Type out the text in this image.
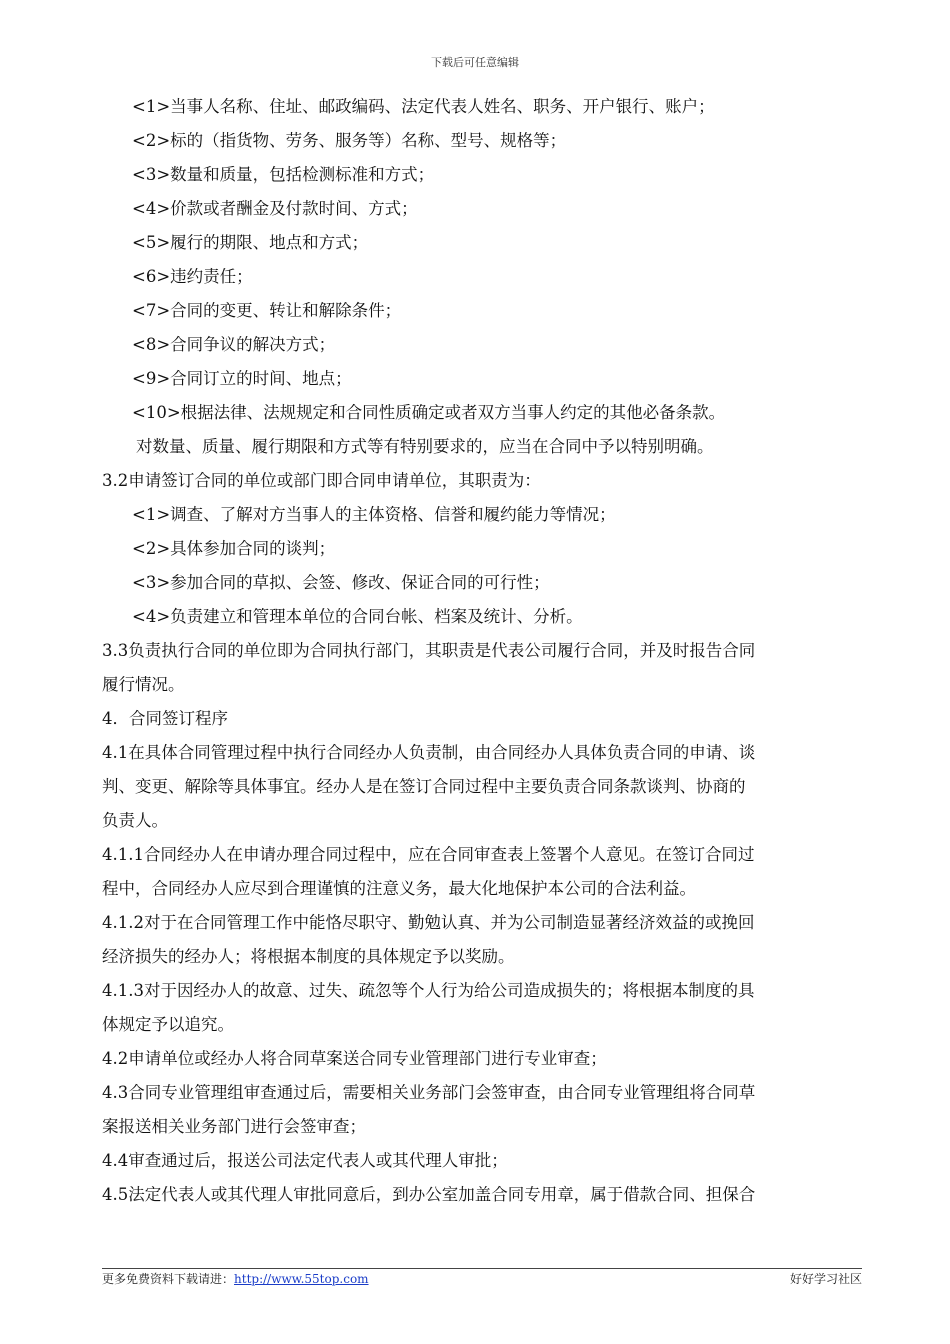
下载后可任意编辑

<1>当事人名称、住址、邮政编码、法定代表人姓名、职务、开户银行、账户；

<2>标的（指货物、劳务、服务等）名称、型号、规格等；

<3>数量和质量，包括检测标准和方式；

<4>价款或者酬金及付款时间、方式；

<5>履行的期限、地点和方式；

<6>违约责任；

<7>合同的变更、转让和解除条件；

<8>合同争议的解决方式；

<9>合同订立的时间、地点；

<10>根据法律、法规规定和合同性质确定或者双方当事人约定的其他必备条款。

对数量、质量、履行期限和方式等有特别要求的，应当在合同中予以特别明确。

3.2申请签订合同的单位或部门即合同申请单位，其职责为：

<1>调查、了解对方当事人的主体资格、信誉和履约能力等情况；

<2>具体参加合同的谈判；

<3>参加合同的草拟、会签、修改、保证合同的可行性；

<4>负责建立和管理本单位的合同台帐、档案及统计、分析。

3.3负责执行合同的单位即为合同执行部门，其职责是代表公司履行合同，并及时报告合同

履行情况。

4．合同签订程序

4.1在具体合同管理过程中执行合同经办人负责制，由合同经办人具体负责合同的申请、谈

判、变更、解除等具体事宜。经办人是在签订合同过程中主要负责合同条款谈判、协商的

负责人。

4.1.1合同经办人在申请办理合同过程中，应在合同审查表上签署个人意见。在签订合同过

程中，合同经办人应尽到合理谨慎的注意义务，最大化地保护本公司的合法利益。

4.1.2对于在合同管理工作中能恪尽职守、勤勉认真、并为公司制造显著经济效益的或挽回

经济损失的经办人；将根据本制度的具体规定予以奖励。

4.1.3对于因经办人的故意、过失、疏忽等个人行为给公司造成损失的；将根据本制度的具

体规定予以追究。

4.2申请单位或经办人将合同草案送合同专业管理部门进行专业审查；

4.3合同专业管理组审查通过后，需要相关业务部门会签审查，由合同专业管理组将合同草

案报送相关业务部门进行会签审查；

4.4审查通过后，报送公司法定代表人或其代理人审批；

4.5法定代表人或其代理人审批同意后，到办公室加盖合同专用章，属于借款合同、担保合

更多免费资料下载请进：http://www.55top.com	好好学习社区
